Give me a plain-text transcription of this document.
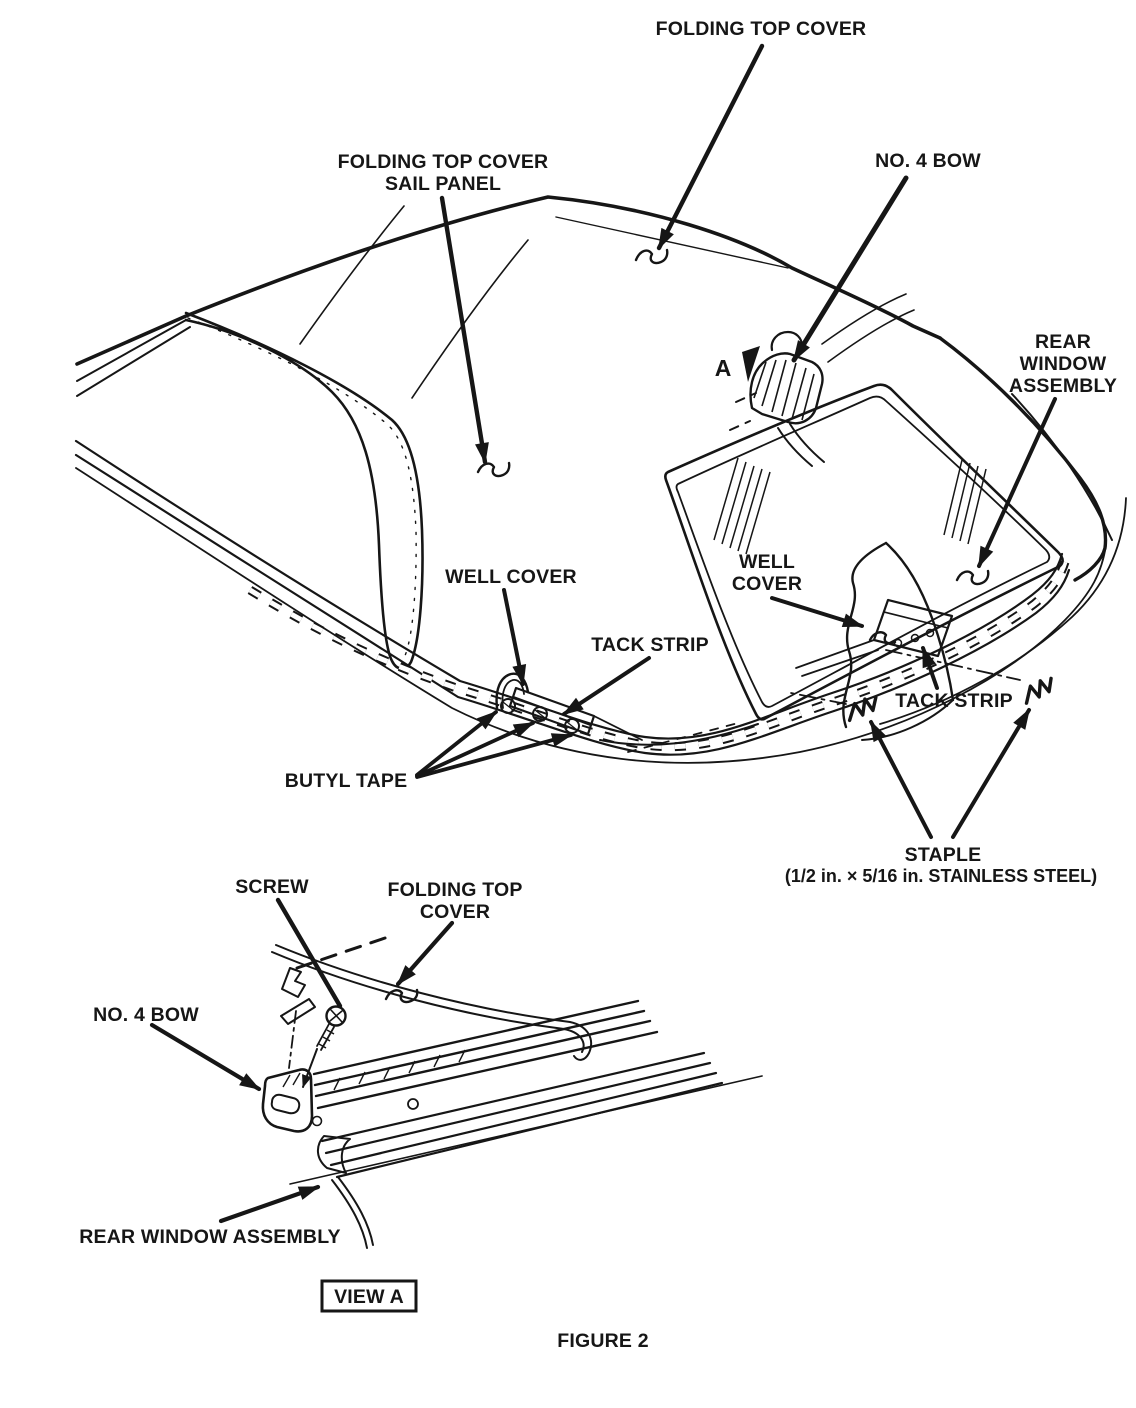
FOLDING TOP COVER
FOLDING TOP COVER
SAIL PANEL
NO. 4 BOW
REAR
WINDOW
ASSEMBLY
A
WELL COVER
WELL
COVER
TACK STRIP
TACK STRIP
BUTYL TAPE
STAPLE
(1/2 in. × 5/16 in. STAINLESS STEEL)
SCREW	FOLDING TOP
COVER
NO. 4 BOW
REAR WINDOW ASSEMBLY
VIEW A
FIGURE 2
